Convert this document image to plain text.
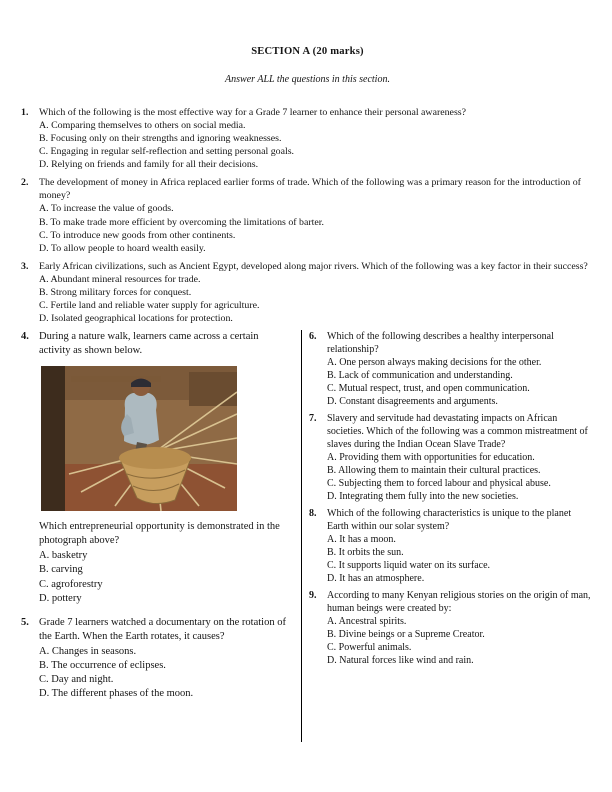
SECTION A (20 marks)
Answer ALL the questions in this section.
1.	Which of the following is the most effective way for a Grade 7 learner to enhance their personal awareness?
A. Comparing themselves to others on social media.
B. Focusing only on their strengths and ignoring weaknesses.
C. Engaging in regular self-reflection and setting personal goals.
D. Relying on friends and family for all their decisions.
2.	The development of money in Africa replaced earlier forms of trade. Which of the following was a primary reason for the introduction of money?
A. To increase the value of goods.
B. To make trade more efficient by overcoming the limitations of barter.
C. To introduce new goods from other continents.
D. To allow people to hoard wealth easily.
3.	Early African civilizations, such as Ancient Egypt, developed along major rivers. Which of the following was a key factor in their success?
A. Abundant mineral resources for trade.
B. Strong military forces for conquest.
C. Fertile land and reliable water supply for agriculture.
D. Isolated geographical locations for protection.
4. During a nature walk, learners came across a certain activity as shown below.
Which entrepreneurial opportunity is demonstrated in the photograph above?
A. basketry
B. carving
C. agroforestry
D. pottery
5. Grade 7 learners watched a documentary on the rotation of the Earth. When the Earth rotates, it causes?
A. Changes in seasons.
B. The occurrence of eclipses.
C. Day and night.
D. The different phases of the moon.
6.	Which of the following describes a healthy interpersonal relationship?
A. One person always making decisions for the other.
B. Lack of communication and understanding.
C. Mutual respect, trust, and open communication.
D. Constant disagreements and arguments.
7.	Slavery and servitude had devastating impacts on African societies. Which of the following was a common mistreatment of slaves during the Indian Ocean Slave Trade?
A. Providing them with opportunities for education.
B. Allowing them to maintain their cultural practices.
C. Subjecting them to forced labour and physical abuse.
D. Integrating them fully into the new societies.
8.	Which of the following characteristics is unique to the planet Earth within our solar system?
A. It has a moon.
B. It orbits the sun.
C. It supports liquid water on its surface.
D. It has an atmosphere.
9.	According to many Kenyan religious stories on the origin of man, human beings were created by:
A. Ancestral spirits.
B. Divine beings or a Supreme Creator.
C. Powerful animals.
D. Natural forces like wind and rain.
